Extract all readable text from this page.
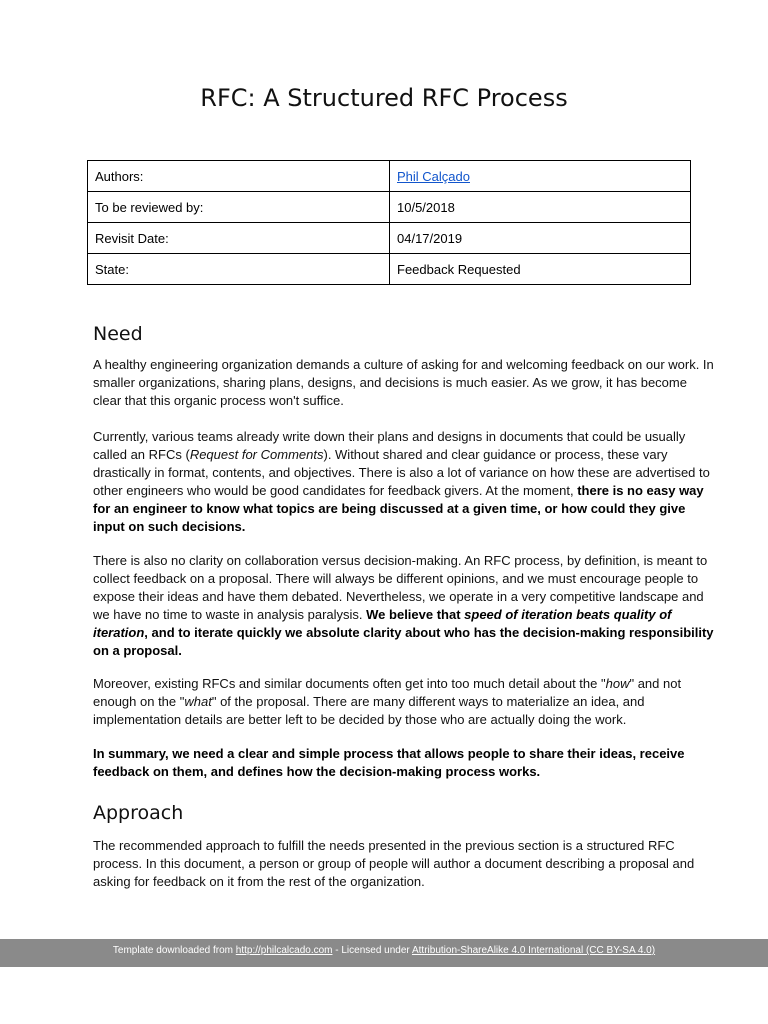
RFC: A Structured RFC Process
Authors:	Phil Calçado
To be reviewed by:	10/5/2018
Revisit Date:	04/17/2019
State:	Feedback Requested
Need
A healthy engineering organization demands a culture of asking for and welcoming feedback on our work. In smaller organizations, sharing plans, designs, and decisions is much easier. As we grow, it has become clear that this organic process won't suffice.
Currently, various teams already write down their plans and designs in documents that could be usually called an RFCs (Request for Comments). Without shared and clear guidance or process, these vary drastically in format, contents, and objectives. There is also a lot of variance on how these are advertised to other engineers who would be good candidates for feedback givers. At the moment, there is no easy way for an engineer to know what topics are being discussed at a given time, or how could they give input on such decisions.
There is also no clarity on collaboration versus decision-making. An RFC process, by definition, is meant to collect feedback on a proposal. There will always be different opinions, and we must encourage people to expose their ideas and have them debated. Nevertheless, we operate in a very competitive landscape and we have no time to waste in analysis paralysis. We believe that speed of iteration beats quality of iteration, and to iterate quickly we absolute clarity about who has the decision-making responsibility on a proposal.
Moreover, existing RFCs and similar documents often get into too much detail about the "how" and not enough on the "what" of the proposal. There are many different ways to materialize an idea, and implementation details are better left to be decided by those who are actually doing the work.
In summary, we need a clear and simple process that allows people to share their ideas, receive feedback on them, and defines how the decision-making process works.
Approach
The recommended approach to fulfill the needs presented in the previous section is a structured RFC process. In this document, a person or group of people will author a document describing a proposal and asking for feedback on it from the rest of the organization.
Template downloaded from http://philcalcado.com - Licensed under Attribution-ShareAlike 4.0 International (CC BY-SA 4.0)
